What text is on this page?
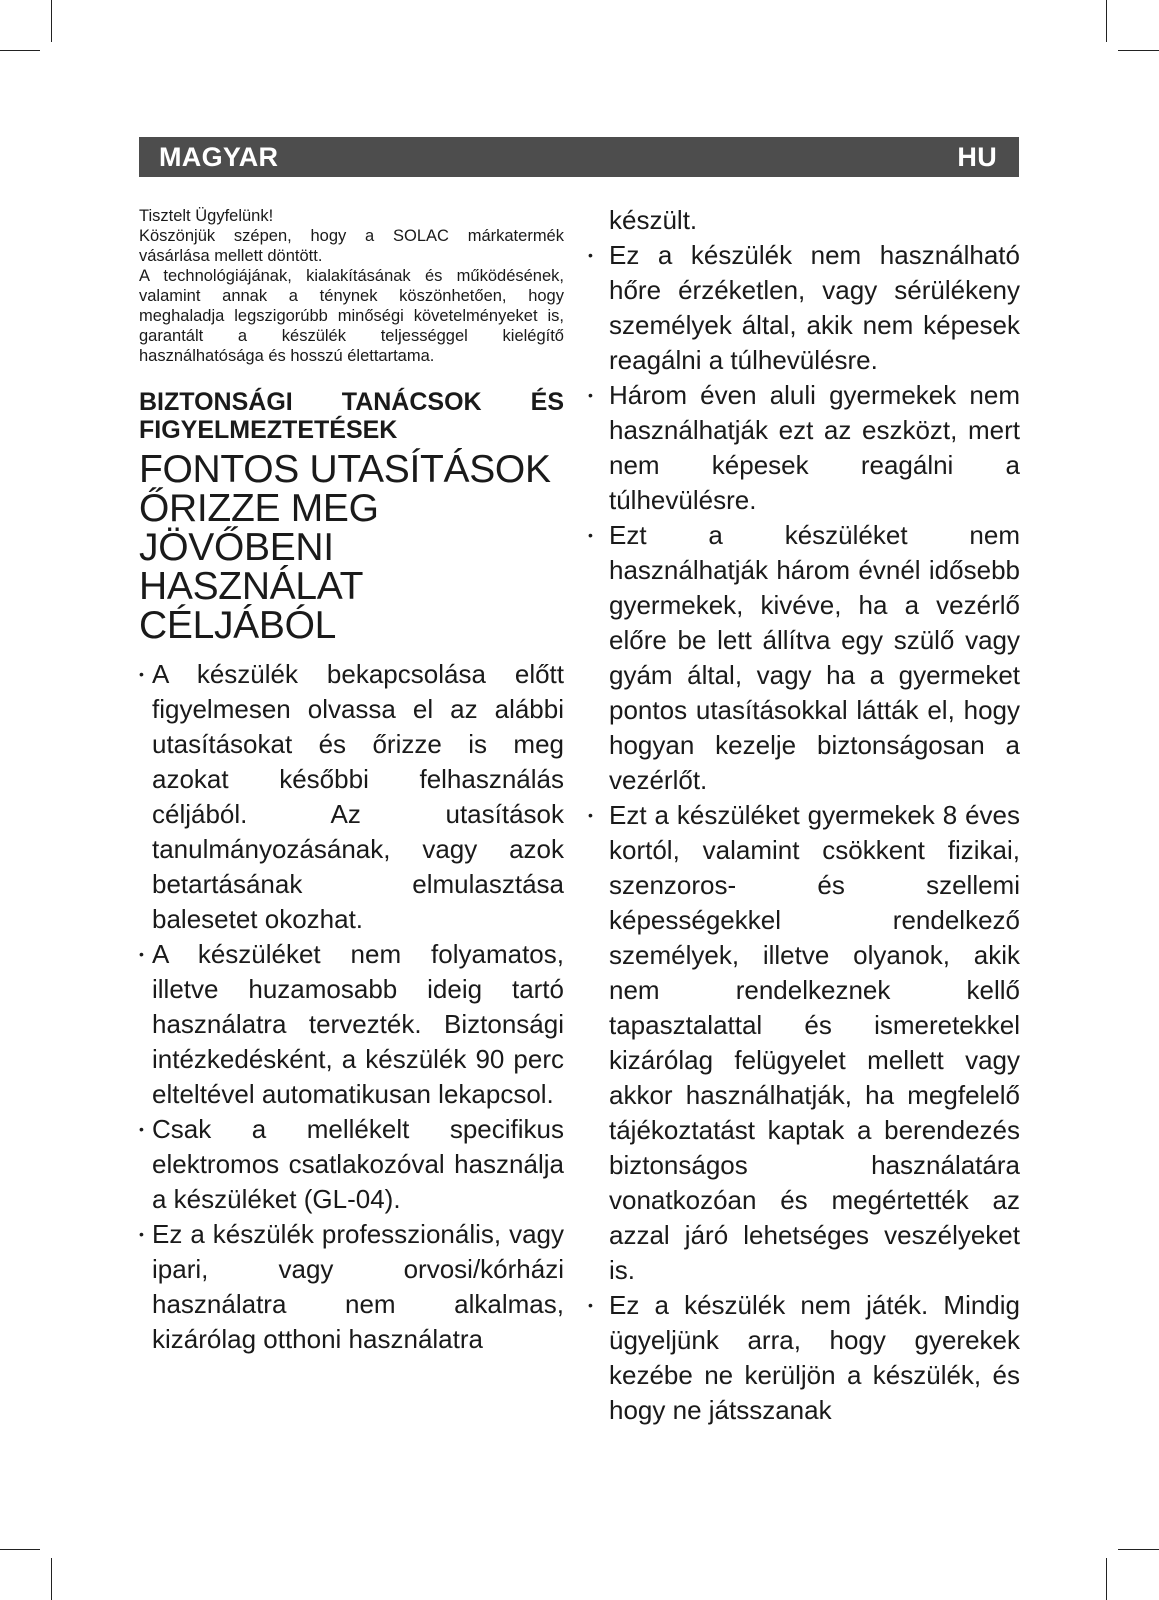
MAGYAR	HU

Tisztelt Ügyfelünk!

Köszönjük szépen, hogy a SOLAC márkatermék vásárlása mellett döntött.

A technológiájának, kialakításának és működésének, valamint annak a ténynek köszönhetően, hogy meghaladja legszigorúbb minőségi követelményeket is, garantált a készülék teljességgel kielégítő használhatósága és hosszú élettartama.

BIZTONSÁGI TANÁCSOK ÉS FIGYELMEZTETÉSEK
FONTOS UTASÍTÁSOK ŐRIZZE MEG JÖVŐBENI HASZNÁLAT CÉLJÁBÓL
• A készülék bekapcsolása előtt figyelmesen olvassa el az alábbi utasításokat és őrizze is meg azokat későbbi felhasználás céljából. Az utasítások tanulmányozásának, vagy azok betartásának elmulasztása balesetet okozhat.
• A készüléket nem folyamatos, illetve huzamosabb ideig tartó használatra tervezték. Biztonsági intézkedésként, a készülék 90 perc elteltével automatikusan lekapcsol.
• Csak a mellékelt specifikus elektromos csatlakozóval használja a készüléket (GL-04).
• Ez a készülék professzionális, vagy ipari, vagy orvosi/kórházi használatra nem alkalmas, kizárólag otthoni használatra

készült.

• Ez a készülék nem használható hőre érzéketlen, vagy sérülékeny személyek által, akik nem képesek reagálni a túlhevülésre.
• Három éven aluli gyermekek nem használhatják ezt az eszközt, mert nem képesek reagálni a túlhevülésre.
• Ezt a készüléket nem használhatják három évnél idősebb gyermekek, kivéve, ha a vezérlő előre be lett állítva egy szülő vagy gyám által, vagy ha a gyermeket pontos utasításokkal látták el, hogy hogyan kezelje biztonságosan a vezérlőt.
• Ezt a készüléket gyermekek 8 éves kortól, valamint csökkent fizikai, szenzoros- és szellemi képességekkel rendelkező személyek, illetve olyanok, akik nem rendelkeznek kellő tapasztalattal és ismeretekkel kizárólag felügyelet mellett vagy akkor használhatják, ha megfelelő tájékoztatást kaptak a berendezés biztonságos használatára vonatkozóan és megértették az azzal járó lehetséges veszélyeket is.
• Ez a készülék nem játék. Mindig ügyeljünk arra, hogy gyerekek kezébe ne kerüljön a készülék, és hogy ne játsszanak
